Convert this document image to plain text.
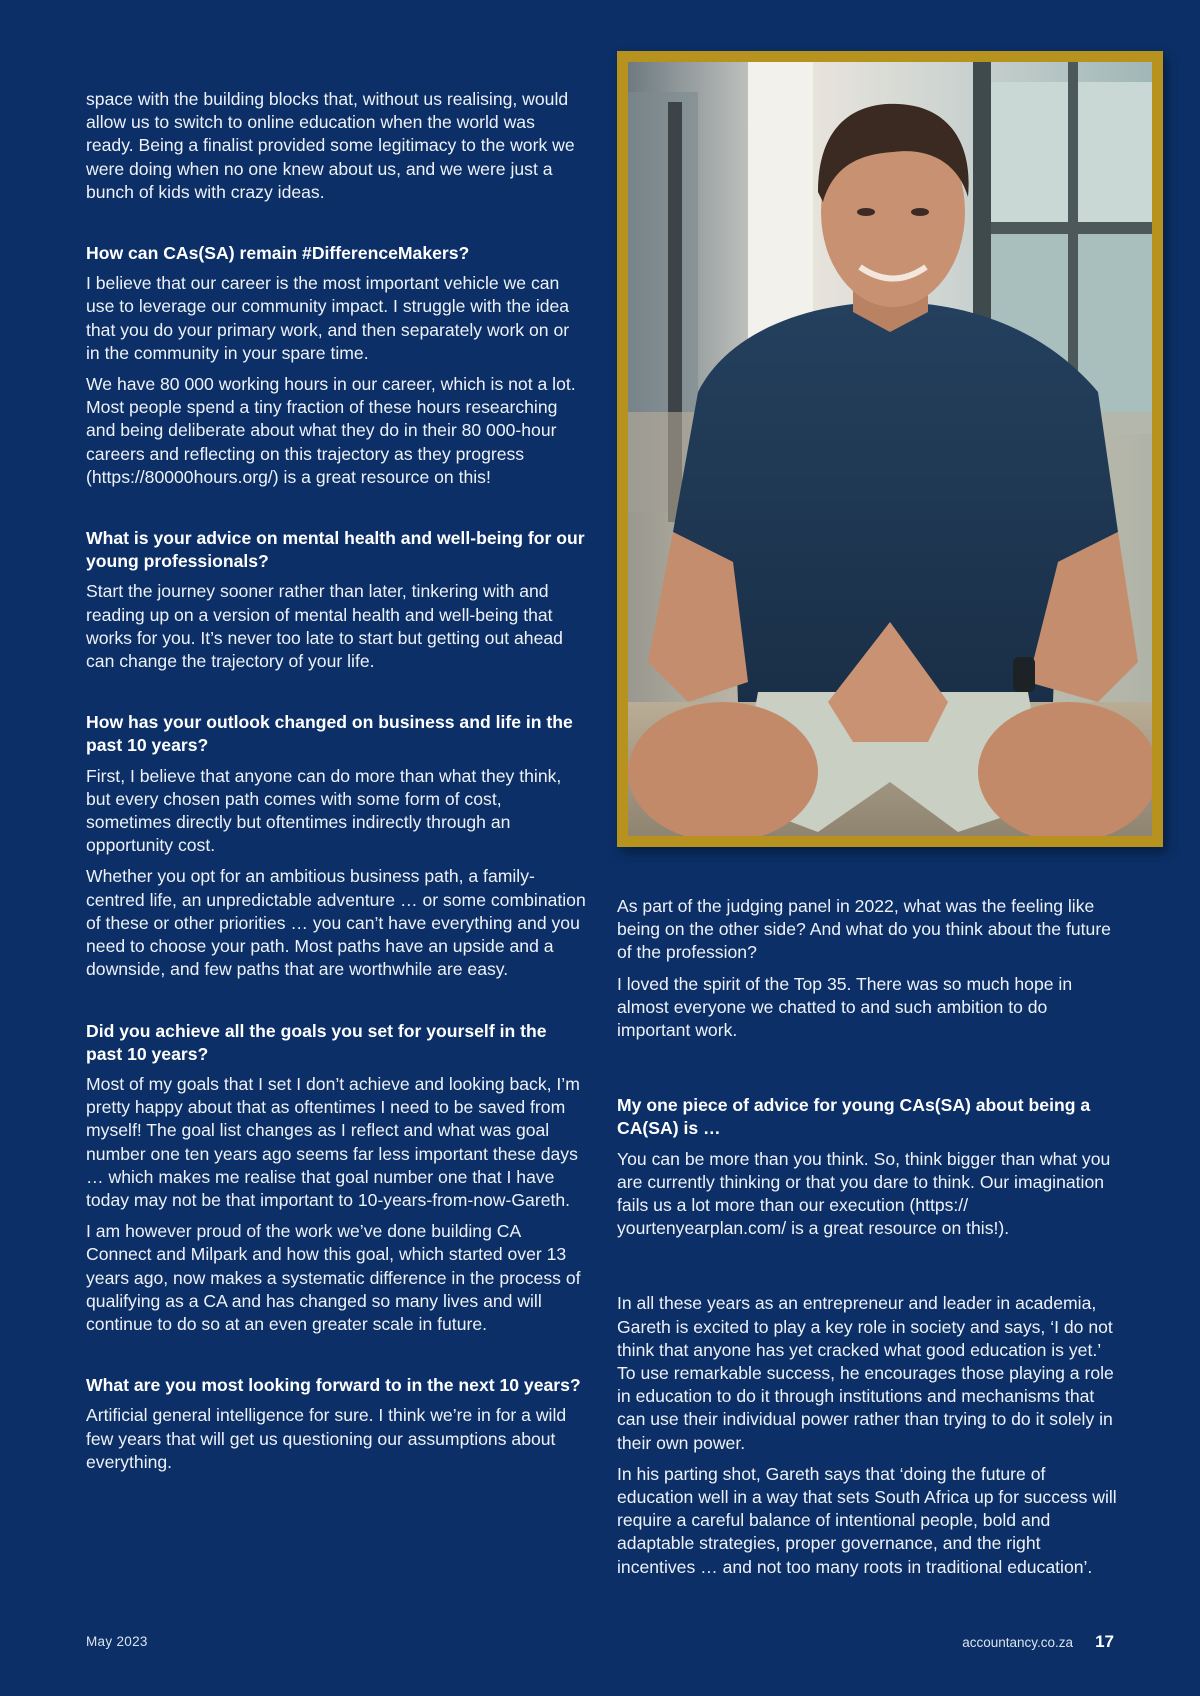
space with the building blocks that, without us realising, would allow us to switch to online education when the world was ready. Being a finalist provided some legitimacy to the work we were doing when no one knew about us, and we were just a bunch of kids with crazy ideas.

How can CAs(SA) remain #DifferenceMakers?

I believe that our career is the most important vehicle we can use to leverage our community impact. I struggle with the idea that you do your primary work, and then separately work on or in the community in your spare time.

We have 80 000 working hours in our career, which is not a lot. Most people spend a tiny fraction of these hours researching and being deliberate about what they do in their 80 000-hour careers and reflecting on this trajectory as they progress (https://80000hours.org/) is a great resource on this!

What is your advice on mental health and well-being for our young professionals?

Start the journey sooner rather than later, tinkering with and reading up on a version of mental health and well-being that works for you. It’s never too late to start but getting out ahead can change the trajectory of your life.

How has your outlook changed on business and life in the past 10 years?

First, I believe that anyone can do more than what they think, but every chosen path comes with some form of cost, sometimes directly but oftentimes indirectly through an opportunity cost.

Whether you opt for an ambitious business path, a family-centred life, an unpredictable adventure … or some combination of these or other priorities … you can’t have everything and you need to choose your path. Most paths have an upside and a downside, and few paths that are worthwhile are easy.

Did you achieve all the goals you set for yourself in the past 10 years?

Most of my goals that I set I don’t achieve and looking back, I’m pretty happy about that as oftentimes I need to be saved from myself! The goal list changes as I reflect and what was goal number one ten years ago seems far less important these days … which makes me realise that goal number one that I have today may not be that important to 10-years-from-now-Gareth.

I am however proud of the work we’ve done building CA Connect and Milpark and how this goal, which started over 13 years ago, now makes a systematic difference in the process of qualifying as a CA and has changed so many lives and will continue to do so at an even greater scale in future.

What are you most looking forward to in the next 10 years?

Artificial general intelligence for sure. I think we’re in for a wild few years that will get us questioning our assumptions about everything.

As part of the judging panel in 2022, what was the feeling like being on the other side? And what do you think about the future of the profession?

I loved the spirit of the Top 35. There was so much hope in almost everyone we chatted to and such ambition to do important work.

My one piece of advice for young CAs(SA) about being a CA(SA) is …

You can be more than you think. So, think bigger than what you are currently thinking or that you dare to think. Our imagination fails us a lot more than our execution (https:// yourtenyearplan.com/ is a great resource on this!).

In all these years as an entrepreneur and leader in academia, Gareth is excited to play a key role in society and says, ‘I do not think that anyone has yet cracked what good education is yet.’ To use remarkable success, he encourages those playing a role in education to do it through institutions and mechanisms that can use their individual power rather than trying to do it solely in their own power.

In his parting shot, Gareth says that ‘doing the future of education well in a way that sets South Africa up for success will require a careful balance of intentional people, bold and adaptable strategies, proper governance, and the right incentives … and not too many roots in traditional education’.

May 2023	accountancy.co.za 17
